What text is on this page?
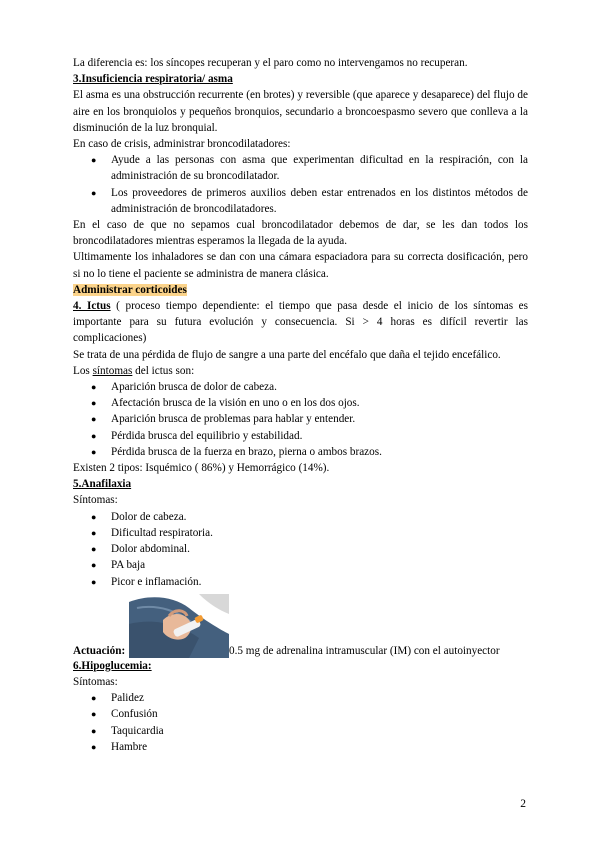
La diferencia es: los síncopes recuperan y el paro como no intervengamos no recuperan.

3.Insuficiencia respiratoria/ asma

El asma es una obstrucción recurrente (en brotes) y reversible (que aparece y desaparece) del flujo de aire en los bronquiolos y pequeños bronquios, secundario a broncoespasmo severo que conlleva a la disminución de la luz bronquial.

En caso de crisis, administrar broncodilatadores:

● Ayude a las personas con asma que experimentan dificultad en la respiración, con la administración de su broncodilatador.
● Los proveedores de primeros auxilios deben estar entrenados en los distintos métodos de administración de broncodilatadores.

En el caso de que no sepamos cual broncodilatador debemos de dar, se les dan todos los broncodilatadores mientras esperamos la llegada de la ayuda.

Ultimamente los inhaladores se dan con una cámara espaciadora para su correcta dosificación, pero si no lo tiene el paciente se administra de manera clásica.

Administrar corticoides

4. Ictus ( proceso tiempo dependiente: el tiempo que pasa desde el inicio de los síntomas es importante para su futura evolución y consecuencia. Si > 4 horas es difícil revertir las complicaciones)

Se trata de una pérdida de flujo de sangre a una parte del encéfalo que daña el tejido encefálico.

Los síntomas del ictus son:

● Aparición brusca de dolor de cabeza.
● Afectación brusca de la visión en uno o en los dos ojos.
● Aparición brusca de problemas para hablar y entender.
● Pérdida brusca del equilibrio y estabilidad.
● Pérdida brusca de la fuerza en brazo, pierna o ambos brazos.

Existen 2 tipos: Isquémico ( 86%) y Hemorrágico (14%).

5.Anafilaxia

Síntomas:

● Dolor de cabeza.
● Dificultad respiratoria.
● Dolor abdominal.
● PA baja
● Picor e inflamación.
Actuación:	0.5 mg de adrenalina intramuscular (IM) con el autoinyector

6.Hipoglucemia:

Síntomas:

● Palidez
● Confusión
● Taquicardia
● Hambre
2
